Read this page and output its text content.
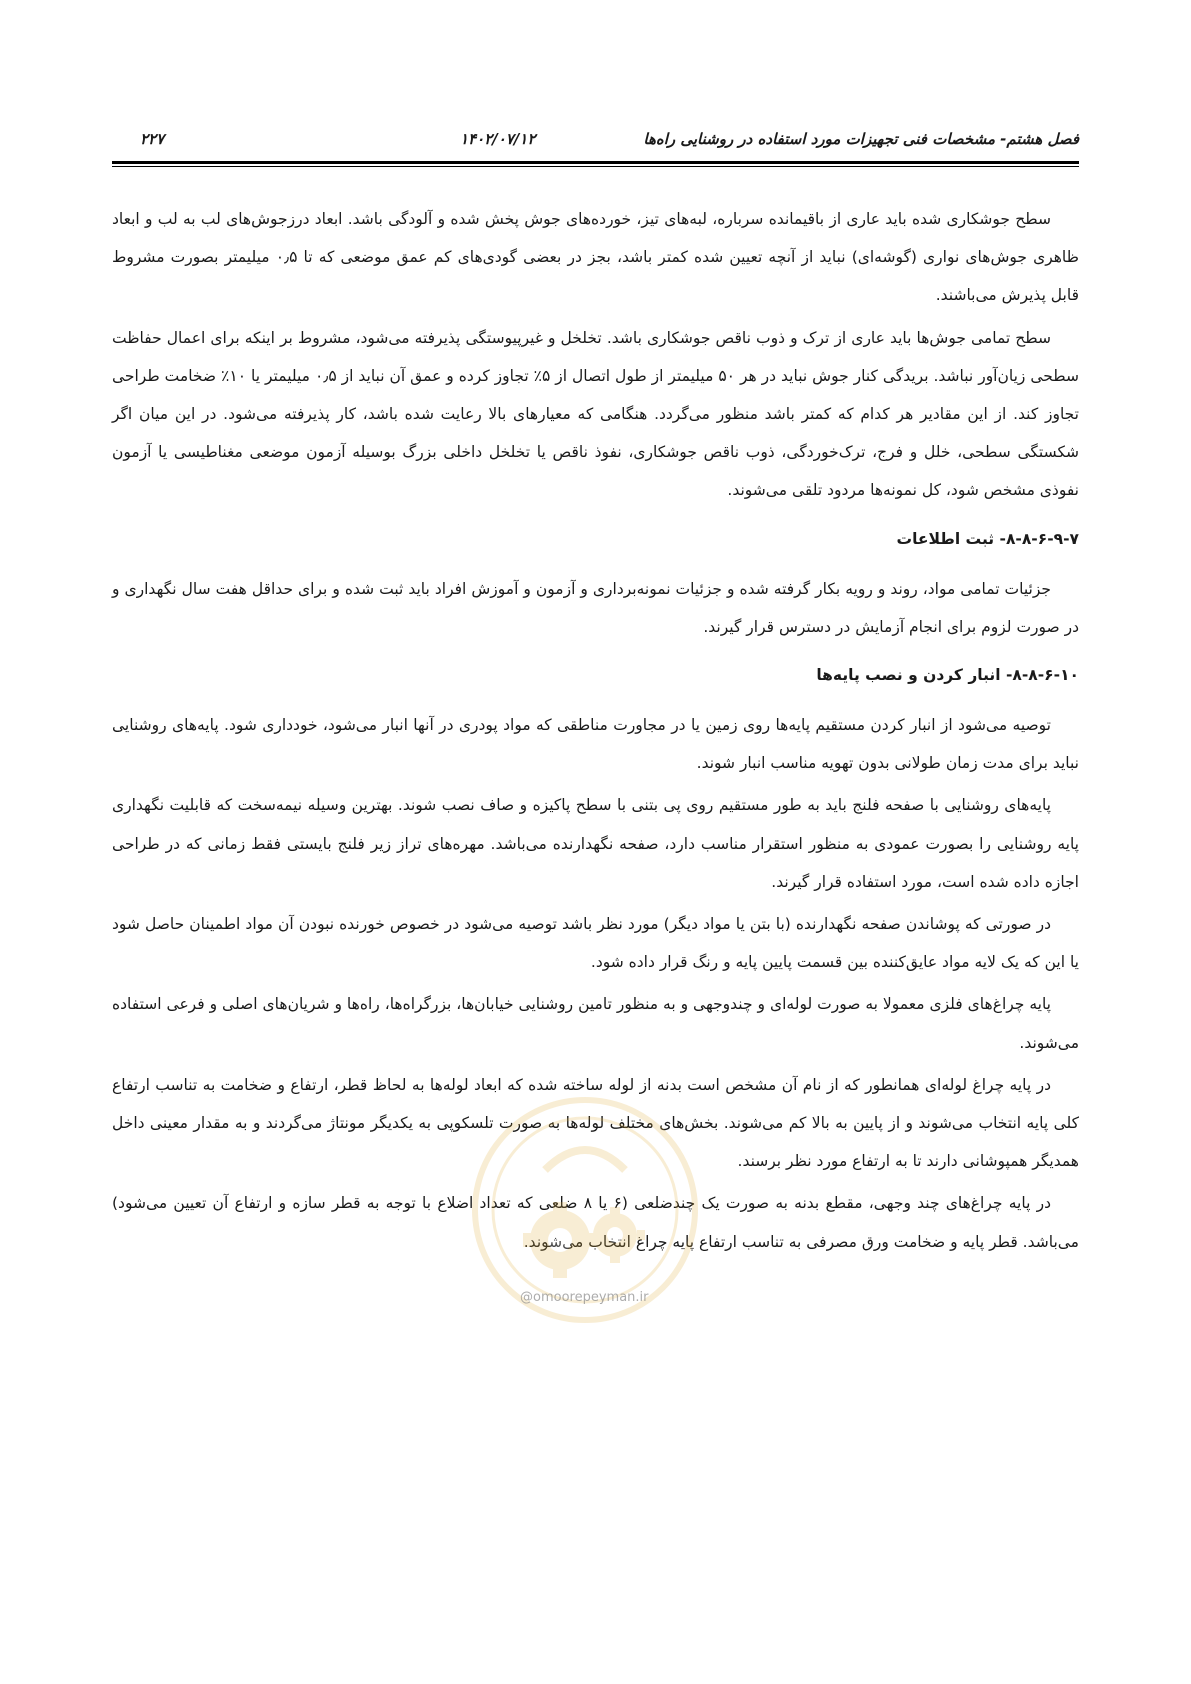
فصل هشتم- مشخصات فنی تجهیزات مورد استفاده در روشنایی راه‌ها
۱۴۰۲/۰۷/۱۲
۲۲۷

سطح جوشکاری شده باید عاری از باقیمانده سرباره، لبه‌های تیز، خورده‌های جوش پخش شده و آلودگی باشد. ابعاد درزجوش‌های لب به لب و ابعاد ظاهری جوش‌های نواری (گوشه‌ای) نباید از آنچه تعیین شده کمتر باشد، بجز در بعضی گودی‌های کم عمق موضعی که تا ۰٫۵ میلیمتر بصورت مشروط قابل پذیرش می‌باشند.

سطح تمامی جوش‌ها باید عاری از ترک و ذوب ناقص جوشکاری باشد. تخلخل و غیرپیوستگی پذیرفته می‌شود، مشروط بر اینکه برای اعمال حفاظت سطحی زیان‌آور نباشد. بریدگی کنار جوش نباید در هر ۵۰ میلیمتر از طول اتصال از ۵٪ تجاوز کرده و عمق آن نباید از ۰٫۵ میلیمتر یا ۱۰٪ ضخامت طراحی تجاوز کند. از این مقادیر هر کدام که کمتر باشد منظور می‌گردد. هنگامی که معیارهای بالا رعایت شده باشد، کار پذیرفته می‌شود. در این میان اگر شکستگی سطحی، خلل و فرج، ترک‌خوردگی، ذوب ناقص جوشکاری، نفوذ ناقص یا تخلخل داخلی بزرگ بوسیله آزمون موضعی مغناطیسی یا آزمون نفوذی مشخص شود، کل نمونه‌ها مردود تلقی می‌شوند.

۸-۸-۶-۹-۷- ثبت اطلاعات

جزئیات تمامی مواد، روند و رویه بکار گرفته شده و جزئیات نمونه‌برداری و آزمون و آموزش افراد باید ثبت شده و برای حداقل هفت سال نگهداری و در صورت لزوم برای انجام آزمایش در دسترس قرار گیرند.

۸-۸-۶-۱۰- انبار کردن و نصب پایه‌ها

توصیه می‌شود از انبار کردن مستقیم پایه‌ها روی زمین یا در مجاورت مناطقی که مواد پودری در آنها انبار می‌شود، خودداری شود. پایه‌های روشنایی نباید برای مدت زمان طولانی بدون تهویه مناسب انبار شوند.

پایه‌های روشنایی با صفحه فلنج باید به طور مستقیم روی پی بتنی با سطح پاکیزه و صاف نصب شوند. بهترین وسیله نیمه‌سخت که قابلیت نگهداری پایه روشنایی را بصورت عمودی به منظور استقرار مناسب دارد، صفحه نگهدارنده می‌باشد. مهره‌های تراز زیر فلنج بایستی فقط زمانی که در طراحی اجازه داده شده است، مورد استفاده قرار گیرند.

در صورتی که پوشاندن صفحه نگهدارنده (با بتن یا مواد دیگر) مورد نظر باشد توصیه می‌شود در خصوص خورنده نبودن آن مواد اطمینان حاصل شود یا این که یک لایه مواد عایق‌کننده بین قسمت پایین پایه و رنگ قرار داده شود.

پایه چراغ‌های فلزی معمولا به صورت لوله‌ای و چندوجهی و به منظور تامین روشنایی خیابان‌ها، بزرگراه‌ها، راه‌ها و شریان‌های اصلی و فرعی استفاده می‌شوند.

در پایه چراغ لوله‌ای همانطور که از نام آن مشخص است بدنه از لوله ساخته شده که ابعاد لوله‌ها به لحاظ قطر، ارتفاع و ضخامت به تناسب ارتفاع کلی پایه انتخاب می‌شوند و از پایین به بالا کم می‌شوند. بخش‌های مختلف لوله‌ها به صورت تلسکوپی به یکدیگر مونتاژ می‌گردند و به مقدار معینی داخل همدیگر همپوشانی دارند تا به ارتفاع مورد نظر برسند.

در پایه چراغ‌های چند وجهی، مقطع بدنه به صورت یک چندضلعی (۶ یا ۸ ضلعی که تعداد اضلاع با توجه به قطر سازه و ارتفاع آن تعیین می‌شود) می‌باشد. قطر پایه و ضخامت ورق مصرفی به تناسب ارتفاع پایه چراغ انتخاب می‌شوند.

@omoorepeyman.ir
